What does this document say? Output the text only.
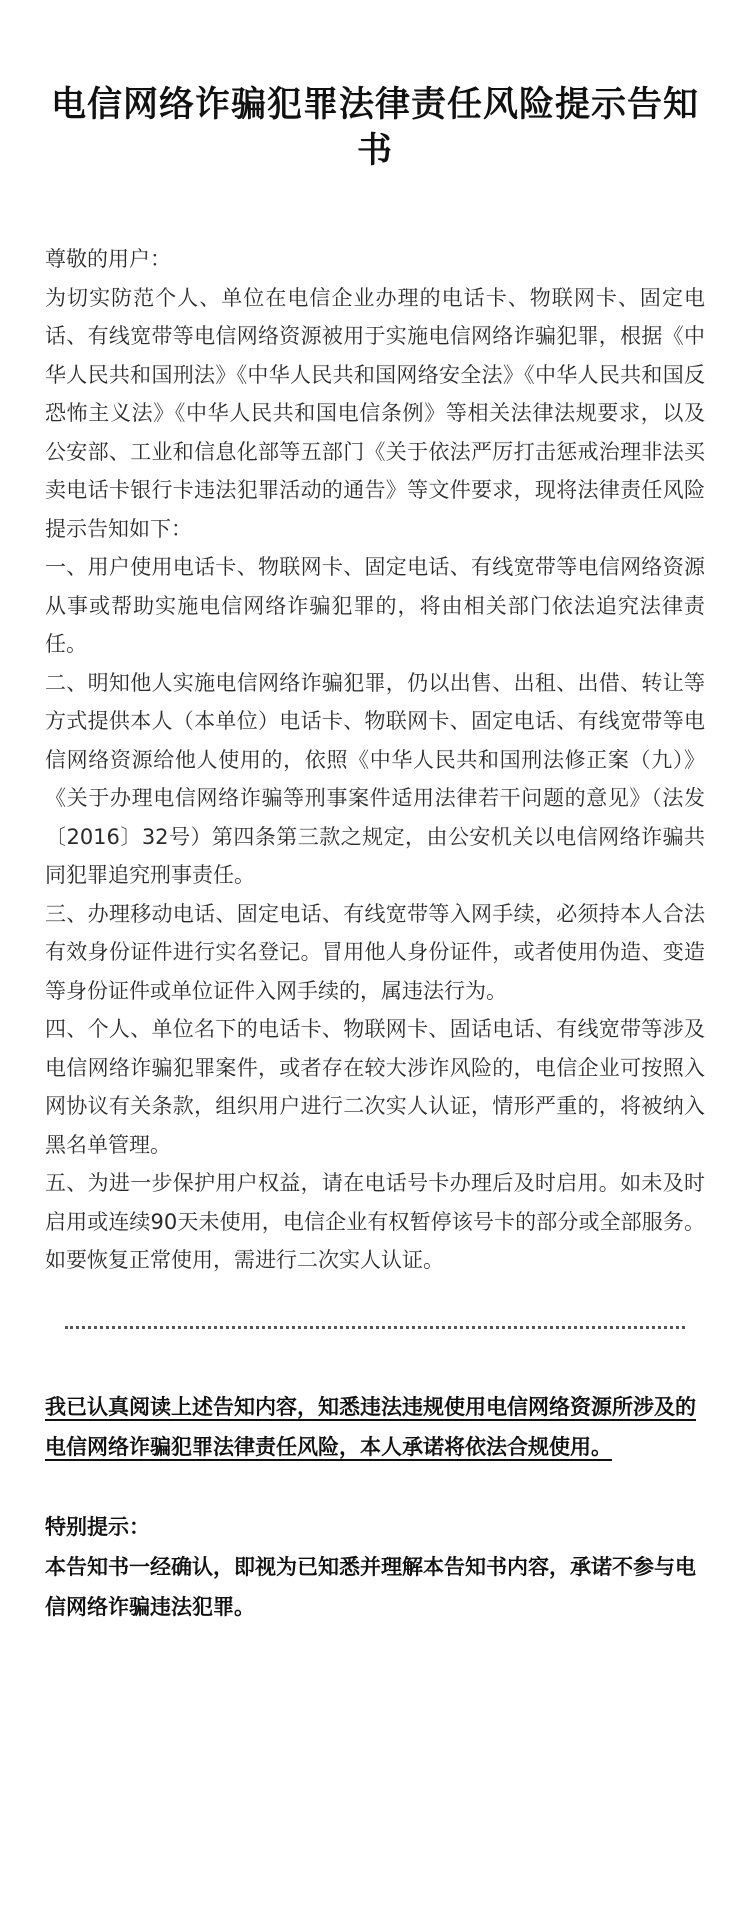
电信网络诈骗犯罪法律责任风险提示告知书

尊敬的用户：

为切实防范个人、单位在电信企业办理的电话卡、物联网卡、固定电话、有线宽带等电信网络资源被用于实施电信网络诈骗犯罪，根据《中华人民共和国刑法》《中华人民共和国网络安全法》《中华人民共和国反恐怖主义法》《中华人民共和国电信条例》等相关法律法规要求，以及公安部、工业和信息化部等五部门《关于依法严厉打击惩戒治理非法买卖电话卡银行卡违法犯罪活动的通告》等文件要求，现将法律责任风险提示告知如下：

一、用户使用电话卡、物联网卡、固定电话、有线宽带等电信网络资源从事或帮助实施电信网络诈骗犯罪的，将由相关部门依法追究法律责任。

二、明知他人实施电信网络诈骗犯罪，仍以出售、出租、出借、转让等方式提供本人（本单位）电话卡、物联网卡、固定电话、有线宽带等电信网络资源给他人使用的，依照《中华人民共和国刑法修正案（九）》《关于办理电信网络诈骗等刑事案件适用法律若干问题的意见》（法发〔2016〕32号）第四条第三款之规定，由公安机关以电信网络诈骗共同犯罪追究刑事责任。

三、办理移动电话、固定电话、有线宽带等入网手续，必须持本人合法有效身份证件进行实名登记。冒用他人身份证件，或者使用伪造、变造等身份证件或单位证件入网手续的，属违法行为。

四、个人、单位名下的电话卡、物联网卡、固话电话、有线宽带等涉及电信网络诈骗犯罪案件，或者存在较大涉诈风险的，电信企业可按照入网协议有关条款，组织用户进行二次实人认证，情形严重的，将被纳入黑名单管理。

五、为进一步保护用户权益，请在电话号卡办理后及时启用。如未及时启用或连续90天未使用，电信企业有权暂停该号卡的部分或全部服务。如要恢复正常使用，需进行二次实人认证。

我已认真阅读上述告知内容，知悉违法违规使用电信网络资源所涉及的电信网络诈骗犯罪法律责任风险，本人承诺将依法合规使用。
特别提示：

本告知书一经确认，即视为已知悉并理解本告知书内容，承诺不参与电信网络诈骗违法犯罪。
